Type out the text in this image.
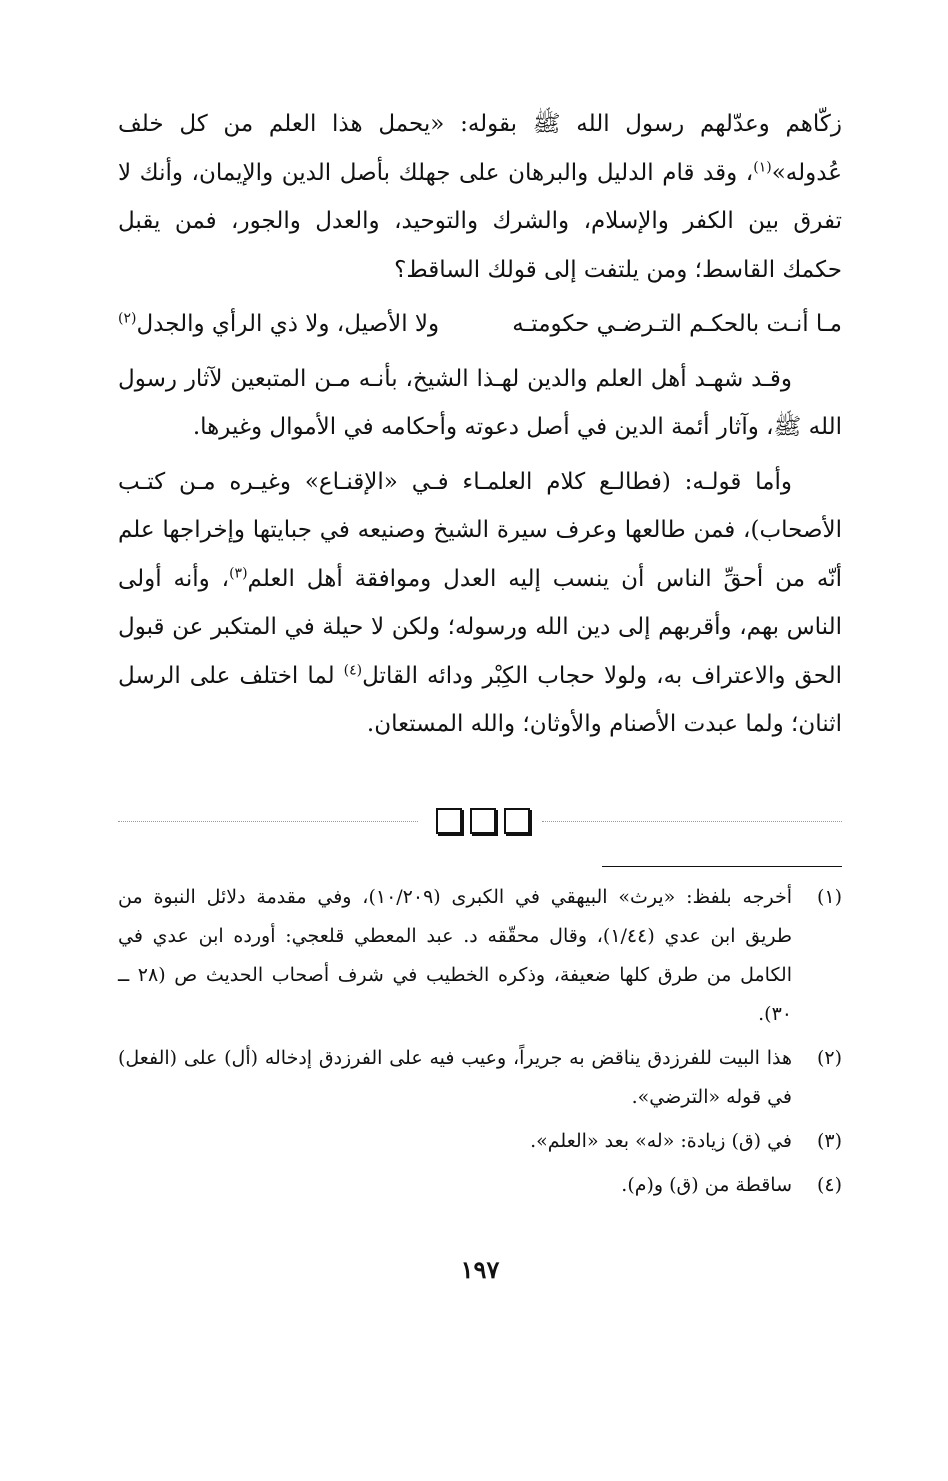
زكّاهم وعدّلهم رسول الله ﷺ بقوله: «يحمل هذا العلم من كل خلف عُدوله»$^{(١)}$، وقد قام الدليل والبرهان على جهلك بأصل الدين والإيمان، وأنك لا تفرق بين الكفر والإسلام، والشرك والتوحيد، والعدل والجور، فمن يقبل حكمك القاسط؛ ومن يلتفت إلى قولك الساقط؟

مـا أنـت بالحكـم التـرضـي حكومتـه
ولا الأصيل، ولا ذي الرأي والجدل$^{(٢)}$

وقـد شهـد أهل العلم والدين لهـذا الشيخ، بأنـه مـن المتبعين لآثار رسول الله ﷺ، وآثار أئمة الدين في أصل دعوته وأحكامه في الأموال وغيرها.

وأما قولـه: (فطالـع كلام العلمـاء فـي «الإقنـاع» وغيـره مـن كتـب الأصحاب)، فمن طالعها وعرف سيرة الشيخ وصنيعه في جبايتها وإخراجها علم أنّه من أحقِّ الناس أن ينسب إليه العدل وموافقة أهل العلم$^{(٣)}$، وأنه أولى الناس بهم، وأقربهم إلى دين الله ورسوله؛ ولكن لا حيلة في المتكبر عن قبول الحق والاعتراف به، ولولا حجاب الكِبْر ودائه القاتل$^{(٤)}$ لما اختلف على الرسل اثنان؛ ولما عبدت الأصنام والأوثان؛ والله المستعان.

(١)
أخرجه بلفظ: «يرث» البيهقي في الكبرى (١٠/٢٠٩)، وفي مقدمة دلائل النبوة من طريق ابن عدي (١/٤٤)، وقال محقّقه د. عبد المعطي قلعجي: أورده ابن عدي في الكامل من طرق كلها ضعيفة، وذكره الخطيب في شرف أصحاب الحديث ص (٢٨ ــ ٣٠).
(٢)
هذا البيت للفرزدق يناقض به جريراً، وعيب فيه على الفرزدق إدخاله (أل) على (الفعل) في قوله «الترضي».
(٣)
في (ق) زيادة: «له» بعد «العلم».
(٤)
ساقطة من (ق) و(م).
١٩٧
